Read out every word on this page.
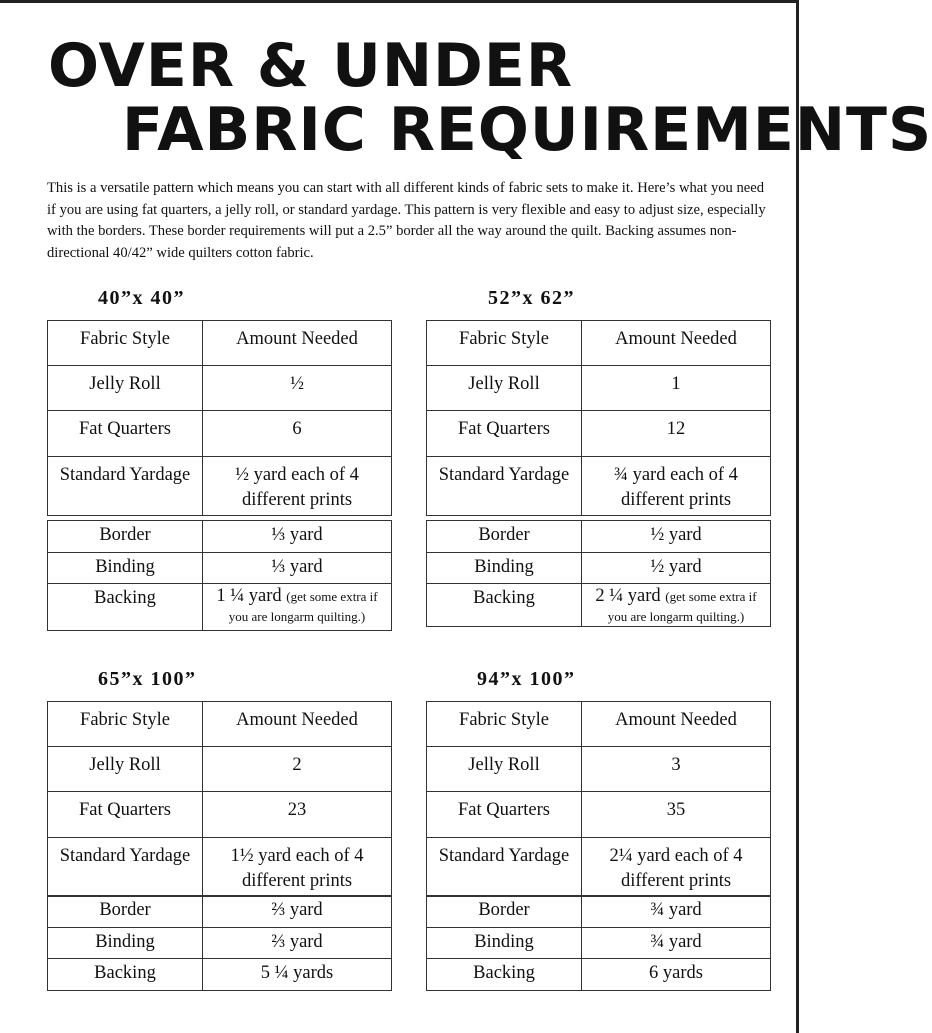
OVER & UNDER
FABRIC REQUIREMENTS

This is a versatile pattern which means you can start with all different kinds of fabric sets to make it. Here’s what you need if you are using fat quarters, a jelly roll, or standard yardage. This pattern is very flexible and easy to adjust size, especially with the borders. These border requirements will put a 2.5” border all the way around the quilt. Backing assumes non-directional 40/42” wide quilters cotton fabric.

40”x 40”
Fabric Style	Amount Needed
Jelly Roll	½
Fat Quarters	6
Standard Yardage	½ yard each of 4 different prints
Border	⅓ yard
Binding	⅓ yard
Backing	1 ¼ yard (get some extra if you are longarm quilting.)
52”x 62”
Fabric Style	Amount Needed
Jelly Roll	1
Fat Quarters	12
Standard Yardage	¾ yard each of 4 different prints
Border	½ yard
Binding	½ yard
Backing	2 ¼ yard (get some extra if you are longarm quilting.)
65”x 100”
Fabric Style	Amount Needed
Jelly Roll	2
Fat Quarters	23
Standard Yardage	1½ yard each of 4 different prints
Border	⅔ yard
Binding	⅔ yard
Backing	5 ¼ yards
94”x 100”
Fabric Style	Amount Needed
Jelly Roll	3
Fat Quarters	35
Standard Yardage	2¼ yard each of 4 different prints
Border	¾ yard
Binding	¾ yard
Backing	6 yards
